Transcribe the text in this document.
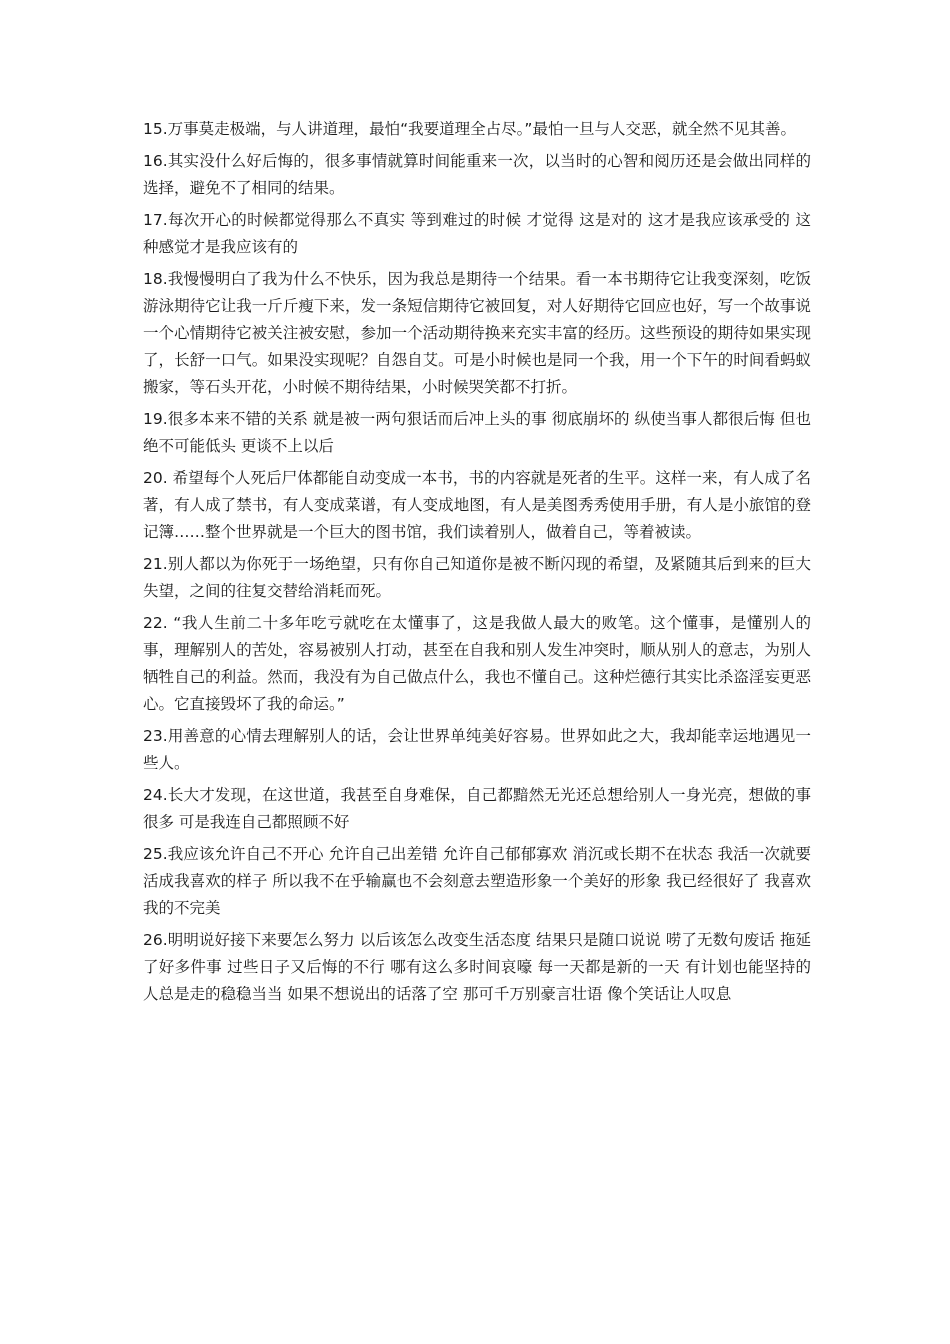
15.万事莫走极端，与人讲道理，最怕“我要道理全占尽。”最怕一旦与人交恶，就全然不见其善。

16.其实没什么好后悔的，很多事情就算时间能重来一次，以当时的心智和阅历还是会做出同样的选择，避免不了相同的结果。

17.每次开心的时候都觉得那么不真实 等到难过的时候 才觉得 这是对的 这才是我应该承受的 这种感觉才是我应该有的

18.我慢慢明白了我为什么不快乐，因为我总是期待一个结果。看一本书期待它让我变深刻，吃饭游泳期待它让我一斤斤瘦下来，发一条短信期待它被回复，对人好期待它回应也好，写一个故事说一个心情期待它被关注被安慰，参加一个活动期待换来充实丰富的经历。这些预设的期待如果实现了，长舒一口气。如果没实现呢？自怨自艾。可是小时候也是同一个我，用一个下午的时间看蚂蚁搬家，等石头开花，小时候不期待结果，小时候哭笑都不打折。

19.很多本来不错的关系 就是被一两句狠话而后冲上头的事 彻底崩坏的 纵使当事人都很后悔 但也绝不可能低头 更谈不上以后

20. 希望每个人死后尸体都能自动变成一本书，书的内容就是死者的生平。这样一来，有人成了名著，有人成了禁书，有人变成菜谱，有人变成地图，有人是美图秀秀使用手册，有人是小旅馆的登记簿……整个世界就是一个巨大的图书馆，我们读着别人，做着自己，等着被读。

21.别人都以为你死于一场绝望，只有你自己知道你是被不断闪现的希望，及紧随其后到来的巨大失望，之间的往复交替给消耗而死。

22. “我人生前二十多年吃亏就吃在太懂事了，这是我做人最大的败笔。这个懂事，是懂别人的事，理解别人的苦处，容易被别人打动，甚至在自我和别人发生冲突时，顺从别人的意志，为别人牺牲自己的利益。然而，我没有为自己做点什么，我也不懂自己。这种烂德行其实比杀盗淫妄更恶心。它直接毁坏了我的命运。”

23.用善意的心情去理解别人的话，会让世界单纯美好容易。世界如此之大，我却能幸运地遇见一些人。

24.长大才发现，在这世道，我甚至自身难保，自己都黯然无光还总想给别人一身光亮，想做的事很多 可是我连自己都照顾不好

25.我应该允许自己不开心 允许自己出差错 允许自己郁郁寡欢 消沉或长期不在状态 我活一次就要活成我喜欢的样子 所以我不在乎输赢也不会刻意去塑造形象一个美好的形象 我已经很好了 我喜欢我的不完美

26.明明说好接下来要怎么努力 以后该怎么改变生活态度 结果只是随口说说 唠了无数句废话 拖延了好多件事 过些日子又后悔的不行 哪有这么多时间哀嚎 每一天都是新的一天 有计划也能坚持的人总是走的稳稳当当 如果不想说出的话落了空 那可千万别豪言壮语 像个笑话让人叹息
